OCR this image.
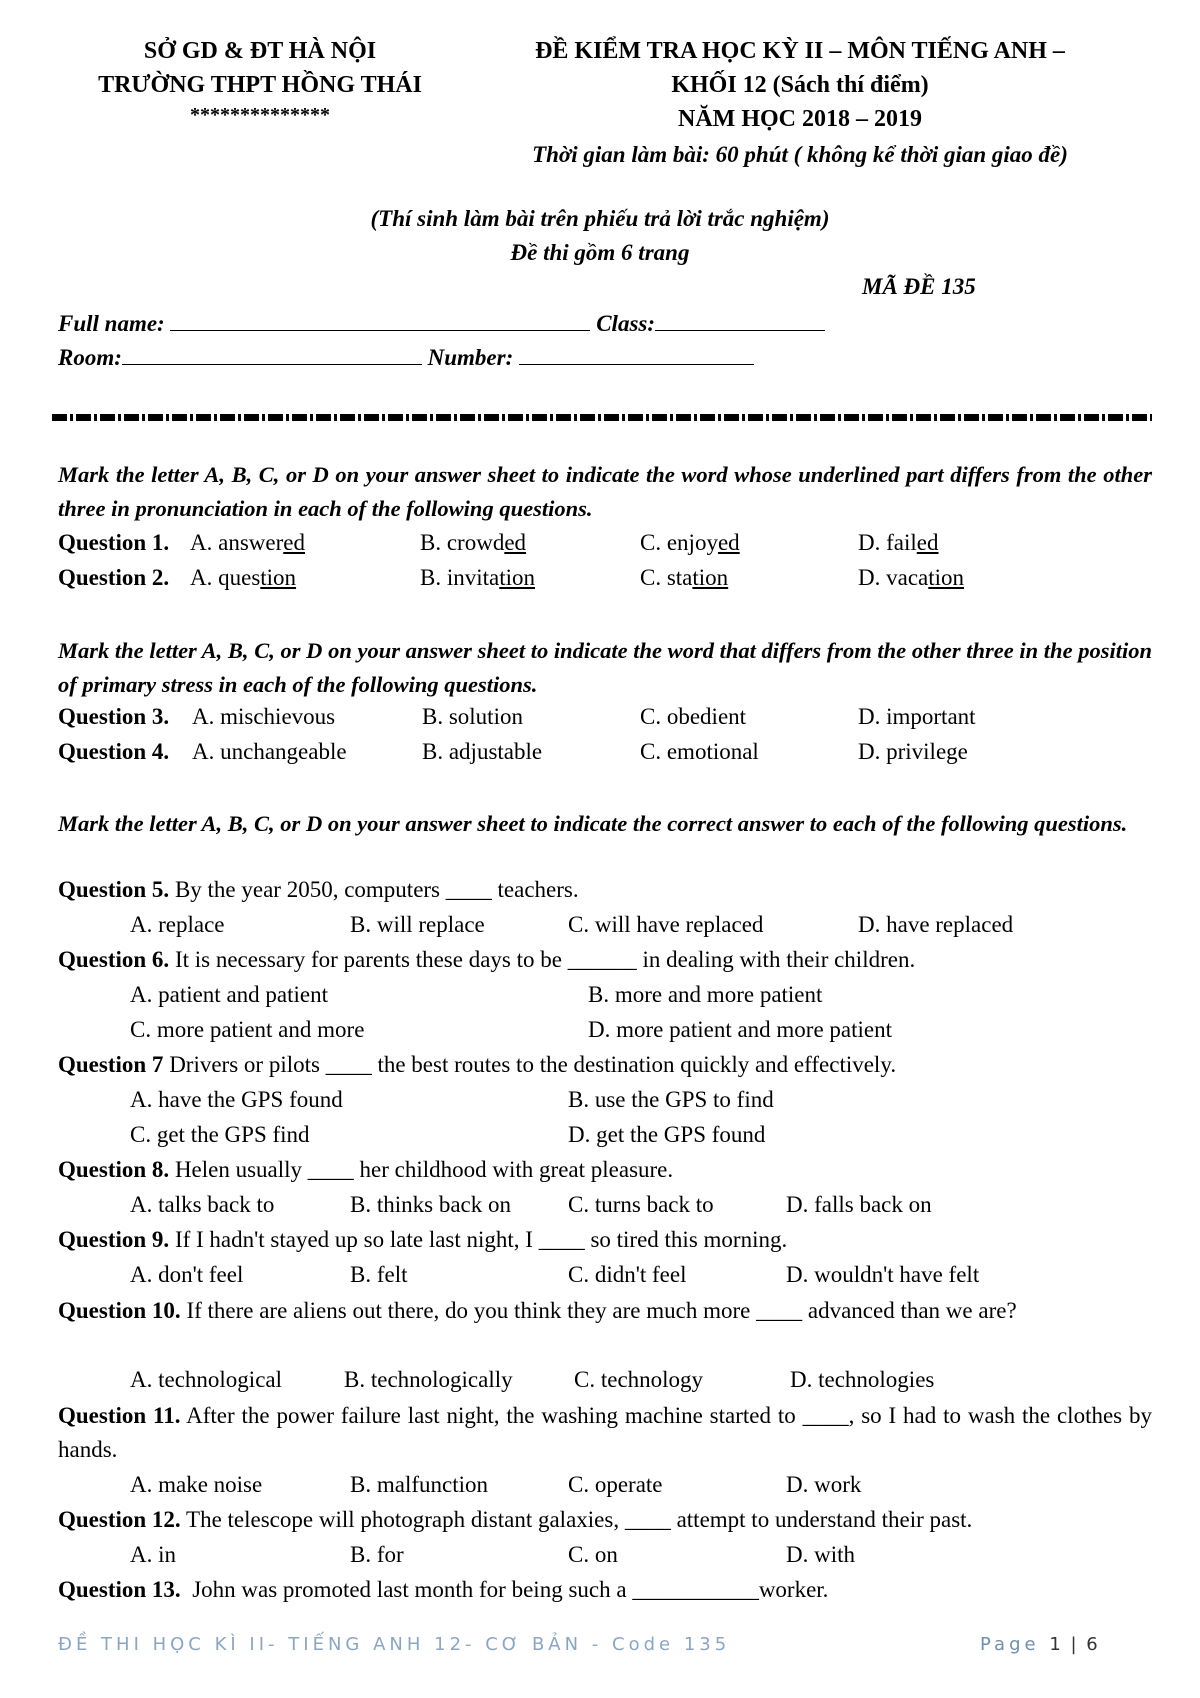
SỞ GD & ĐT HÀ NỘI
TRƯỜNG THPT HỒNG THÁI
**************
ĐỀ KIỂM TRA HỌC KỲ II – MÔN TIẾNG ANH –
KHỐI 12 (Sách thí điểm)
NĂM HỌC 2018 – 2019
Thời gian làm bài: 60 phút ( không kể thời gian giao đề)
(Thí sinh làm bài trên phiếu trả lời trắc nghiệm)
Đề thi gồm 6 trang
MÃ ĐỀ 135
Full name:	Class:
Room:	Number:
Mark the letter A, B, C, or D on your answer sheet to indicate the word whose underlined part differs from the other three in pronunciation in each of the following questions.
Question 1. A. answered	B. crowded	C. enjoyed	D. failed
Question 2. A. question	B. invitation	C. station	D. vacation
Mark the letter A, B, C, or D on your answer sheet to indicate the word that differs from the other three in the position of primary stress in each of the following questions.
Question 3. A. mischievous	B. solution	C. obedient	D. important
Question 4. A. unchangeable	B. adjustable	C. emotional	D. privilege
Mark the letter A, B, C, or D on your answer sheet to indicate the correct answer to each of the following questions.
Question 5. By the year 2050, computers ____ teachers.
A. replace	B. will replace	C. will have replaced	D. have replaced
Question 6. It is necessary for parents these days to be ______ in dealing with their children.
A. patient and patient	B. more and more patient
C. more patient and more	D. more patient and more patient
Question 7 Drivers or pilots ____ the best routes to the destination quickly and effectively.
A. have the GPS found	B. use the GPS to find
C. get the GPS find	D. get the GPS found
Question 8. Helen usually ____ her childhood with great pleasure.
A. talks back to	B. thinks back on C. turns back to	D. falls back on
Question 9. If I hadn't stayed up so late last night, I ____ so tired this morning.
A. don't feel	B. felt	C. didn't feel	D. wouldn't have felt
Question 10. If there are aliens out there, do you think they are much more ____ advanced than we are?
A. technological	B. technologically	C. technology	D. technologies
Question 11. After the power failure last night, the washing machine started to ____, so I had to wash the clothes by hands.
A. make noise	B. malfunction	C. operate	D. work
Question 12. The telescope will photograph distant galaxies, ____ attempt to understand their past.
A. in	B. for	C. on	D. with
Question 13. John was promoted last month for being such a ___________worker.
ĐỀ THI HỌC KÌ II- TIẾNG ANH 12- CƠ BẢN - Code 135	Page 1 | 6
